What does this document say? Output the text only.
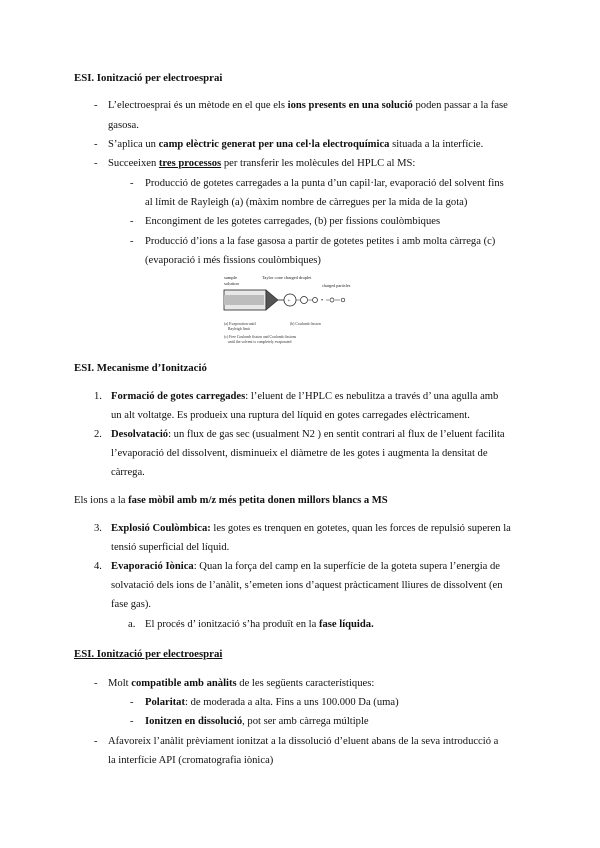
ESI. Ionització per electroesprai
- L’electroesprai és un mètode en el que els ions presents en una solució poden passar a la fase
gasosa.
- S’aplica un camp elèctric generat per una cel·la electroquímica situada a la interfície.
- Succeeixen tres processos per transferir les molècules del HPLC al MS:
- Producció de gotetes carregades a la punta d’un capil·lar, evaporació del solvent fins
al límit de Rayleigh (a) (màxim nombre de càrregues per la mida de la gota)
- Encongiment de les gotetes carregades, (b) per fissions coulòmbiques
- Producció d’ions a la fase gasosa a partir de gotetes petites i amb molta càrrega (c)
(evaporació i més fissions coulòmbiques)
+	•
sample
solution
Taylor cone charged droplet
charged particles
(a) Evaporation until
Rayleigh limit
(b) Coulomb fission
(c) Free Coulomb fission and Coulomb fissions
until the solvent is completely evaporated
ESI. Mecanisme d’Ionització
1. Formació de gotes carregades: l’eluent de l’HPLC es nebulitza a través d’ una agulla amb
un alt voltatge. Es produeix una ruptura del líquid en gotes carregades elèctricament.
2. Desolvatació: un flux de gas sec (usualment N2 ) en sentit contrari al flux de l’eluent facilita
l’evaporació del dissolvent, disminueix el diàmetre de les gotes i augmenta la densitat de
càrrega.
Els ions a la fase mòbil amb m/z més petita donen millors blancs a MS
3. Explosió Coulòmbica: les gotes es trenquen en gotetes, quan les forces de repulsió superen la
tensió superficial del líquid.
4. Evaporació Iònica: Quan la força del camp en la superfície de la goteta supera l’energia de
solvatació dels ions de l’anàlit, s’emeten ions d’aquest pràcticament lliures de dissolvent (en
fase gas).
a. El procés d’ ionització s’ha produït en la fase líquida.
ESI. Ionització per electroesprai
- Molt compatible amb anàlits de les següents característiques:
- Polaritat: de moderada a alta. Fins a uns 100.000 Da (uma)
- Ionitzen en dissolució, pot ser amb càrrega múltiple
- Afavoreix l’anàlit prèviament ionitzat a la dissolució d’eluent abans de la seva introducció a
la interfície API (cromatografia iònica)
